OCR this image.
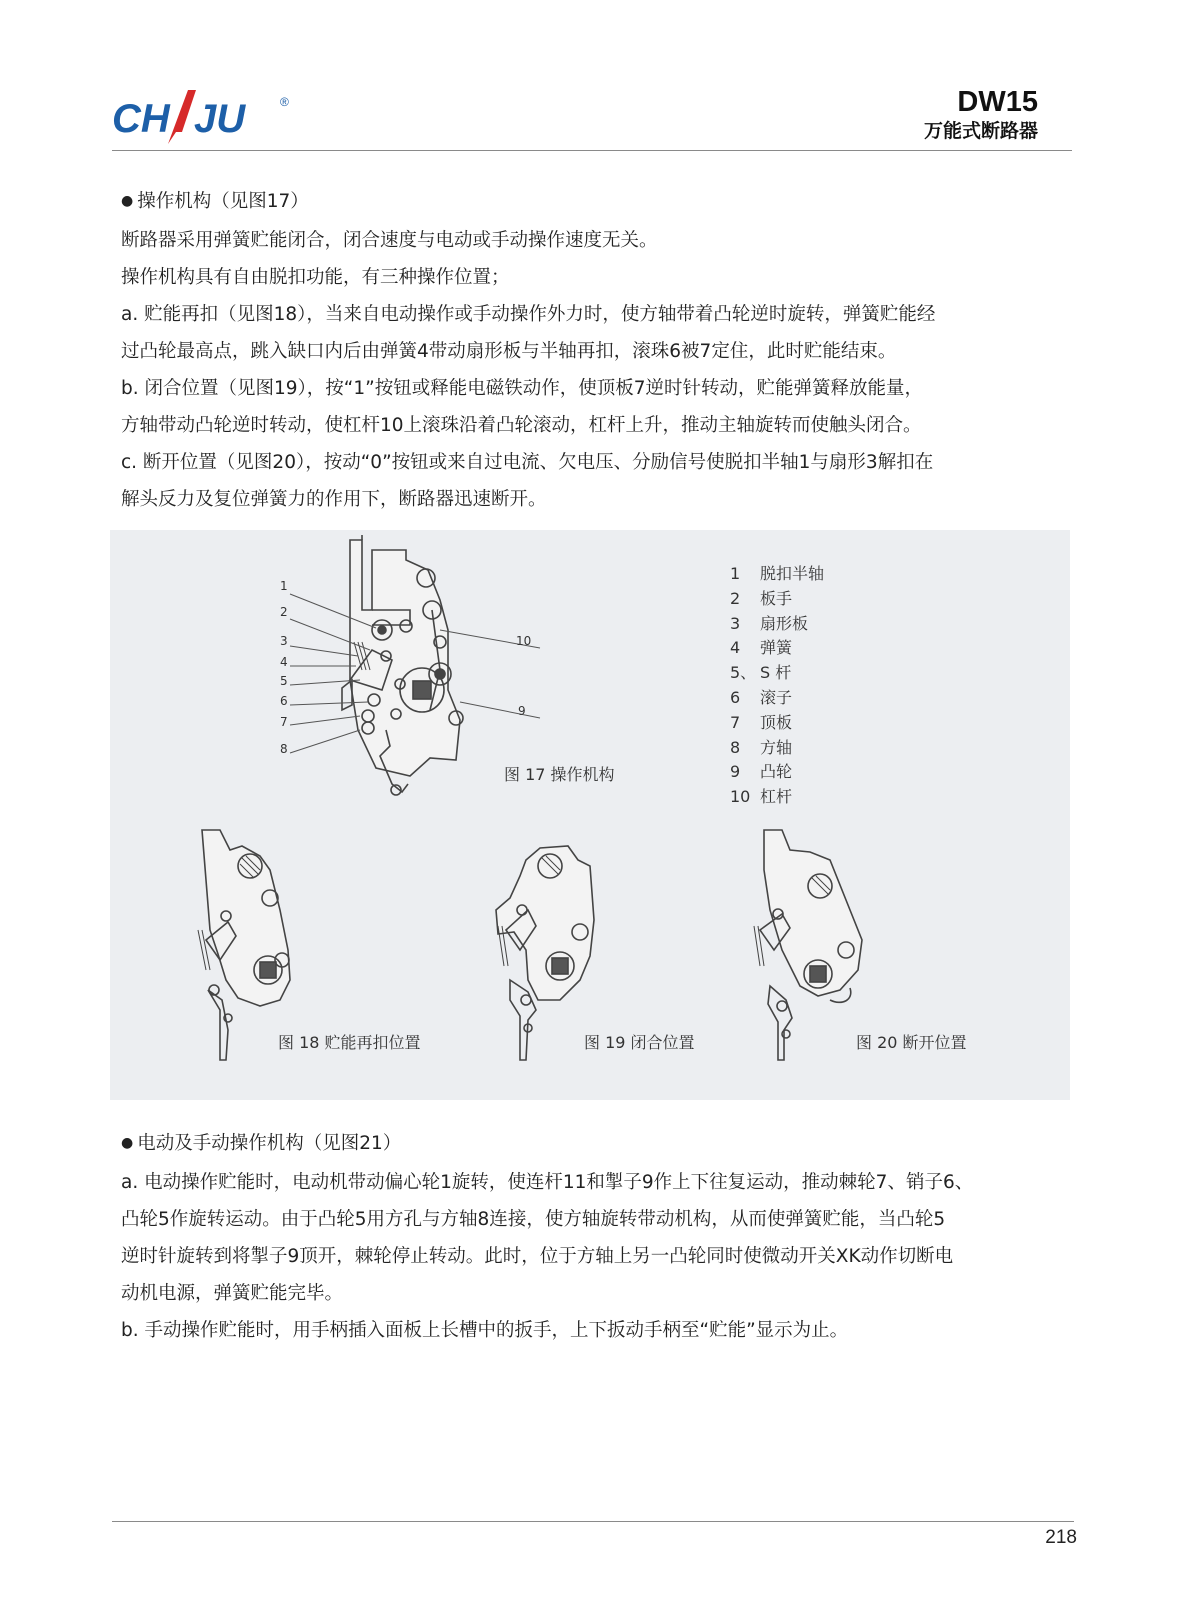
CH JU	®	DW15
万能式断路器

● 操作机构（见图17）

断路器采用弹簧贮能闭合，闭合速度与电动或手动操作速度无关。

操作机构具有自由脱扣功能，有三种操作位置；

a. 贮能再扣（见图18），当来自电动操作或手动操作外力时，使方轴带着凸轮逆时旋转，弹簧贮能经

过凸轮最高点，跳入缺口内后由弹簧4带动扇形板与半轴再扣，滚珠6被7定住，此时贮能结束。

b. 闭合位置（见图19），按“1”按钮或释能电磁铁动作，使顶板7逆时针转动，贮能弹簧释放能量，

方轴带动凸轮逆时转动，使杠杆10上滚珠沿着凸轮滚动，杠杆上升，推动主轴旋转而使触头闭合。

c. 断开位置（见图20），按动“0”按钮或来自过电流、欠电压、分励信号使脱扣半轴1与扇形3解扣在

解头反力及复位弹簧力的作用下，断路器迅速断开。

1
2
3
4
5
6
7
8
10
9
图 17 操作机构
1	脱扣半轴
2	板手
3	扇形板
4	弹簧
5、 S 杆
6	滚子
7	顶板
8	方轴
9	凸轮
10 杠杆
图 18 贮能再扣位置	图 19 闭合位置	图 20 断开位置

● 电动及手动操作机构（见图21）

a. 电动操作贮能时，电动机带动偏心轮1旋转，使连杆11和掣子9作上下往复运动，推动棘轮7、销子6、

凸轮5作旋转运动。由于凸轮5用方孔与方轴8连接，使方轴旋转带动机构，从而使弹簧贮能，当凸轮5

逆时针旋转到将掣子9顶开，棘轮停止转动。此时，位于方轴上另一凸轮同时使微动开关XK动作切断电

动机电源，弹簧贮能完毕。

b. 手动操作贮能时，用手柄插入面板上长槽中的扳手，上下扳动手柄至“贮能”显示为止。

218
